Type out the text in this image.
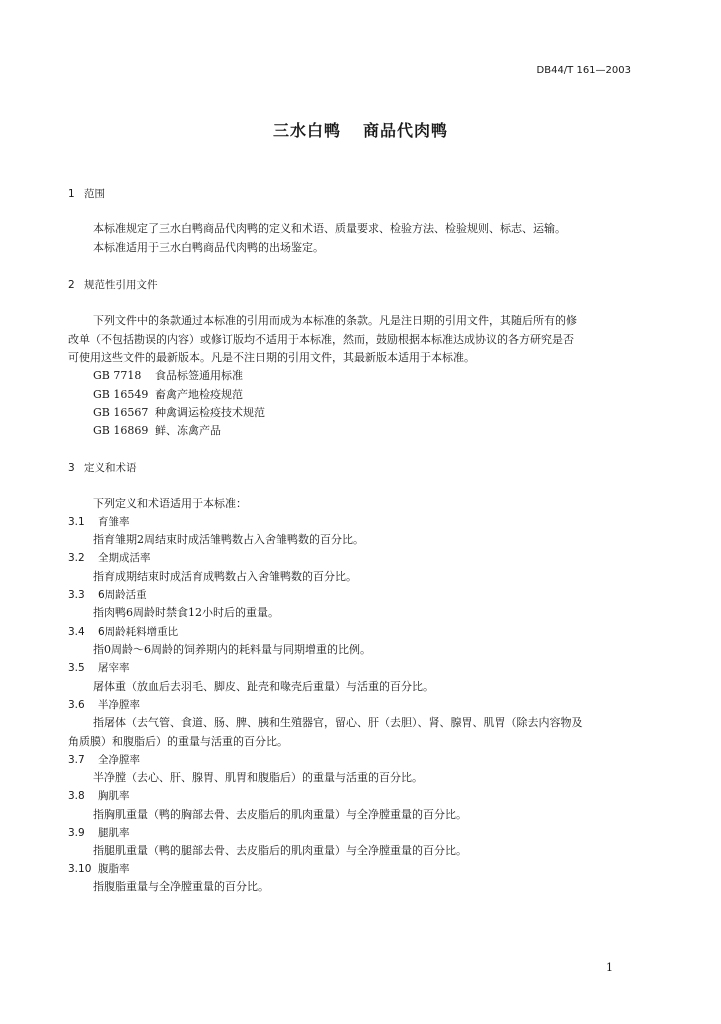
DB44/T 161—2003
三水白鸭 商品代肉鸭
1 范围
本标准规定了三水白鸭商品代肉鸭的定义和术语、质量要求、检验方法、检验规则、标志、运输。
本标准适用于三水白鸭商品代肉鸭的出场鉴定。
2 规范性引用文件
下列文件中的条款通过本标准的引用而成为本标准的条款。凡是注日期的引用文件，其随后所有的修
改单（不包括勘误的内容）或修订版均不适用于本标准，然而，鼓励根据本标准达成协议的各方研究是否
可使用这些文件的最新版本。凡是不注日期的引用文件，其最新版本适用于本标准。
GB 7718 食品标签通用标准
GB 16549 畜禽产地检疫规范
GB 16567 种禽调运检疫技术规范
GB 16869 鲜、冻禽产品
3 定义和术语
下列定义和术语适用于本标准：
3.1 育雏率
指育雏期2周结束时成活雏鸭数占入舍雏鸭数的百分比。
3.2 全期成活率
指育成期结束时成活育成鸭数占入舍雏鸭数的百分比。
3.3 6周龄活重
指肉鸭6周龄时禁食12小时后的重量。
3.4 6周龄耗料增重比
指0周龄～6周龄的饲养期内的耗料量与同期增重的比例。
3.5 屠宰率
屠体重（放血后去羽毛、脚皮、趾壳和喙壳后重量）与活重的百分比。
3.6 半净膛率
指屠体（去气管、食道、肠、脾、胰和生殖器官，留心、肝（去胆）、肾、腺胃、肌胃（除去内容物及
角质膜）和腹脂后）的重量与活重的百分比。
3.7 全净膛率
半净膛（去心、肝、腺胃、肌胃和腹脂后）的重量与活重的百分比。
3.8 胸肌率
指胸肌重量（鸭的胸部去骨、去皮脂后的肌肉重量）与全净膛重量的百分比。
3.9 腿肌率
指腿肌重量（鸭的腿部去骨、去皮脂后的肌肉重量）与全净膛重量的百分比。
3.10 腹脂率
指腹脂重量与全净膛重量的百分比。
1
